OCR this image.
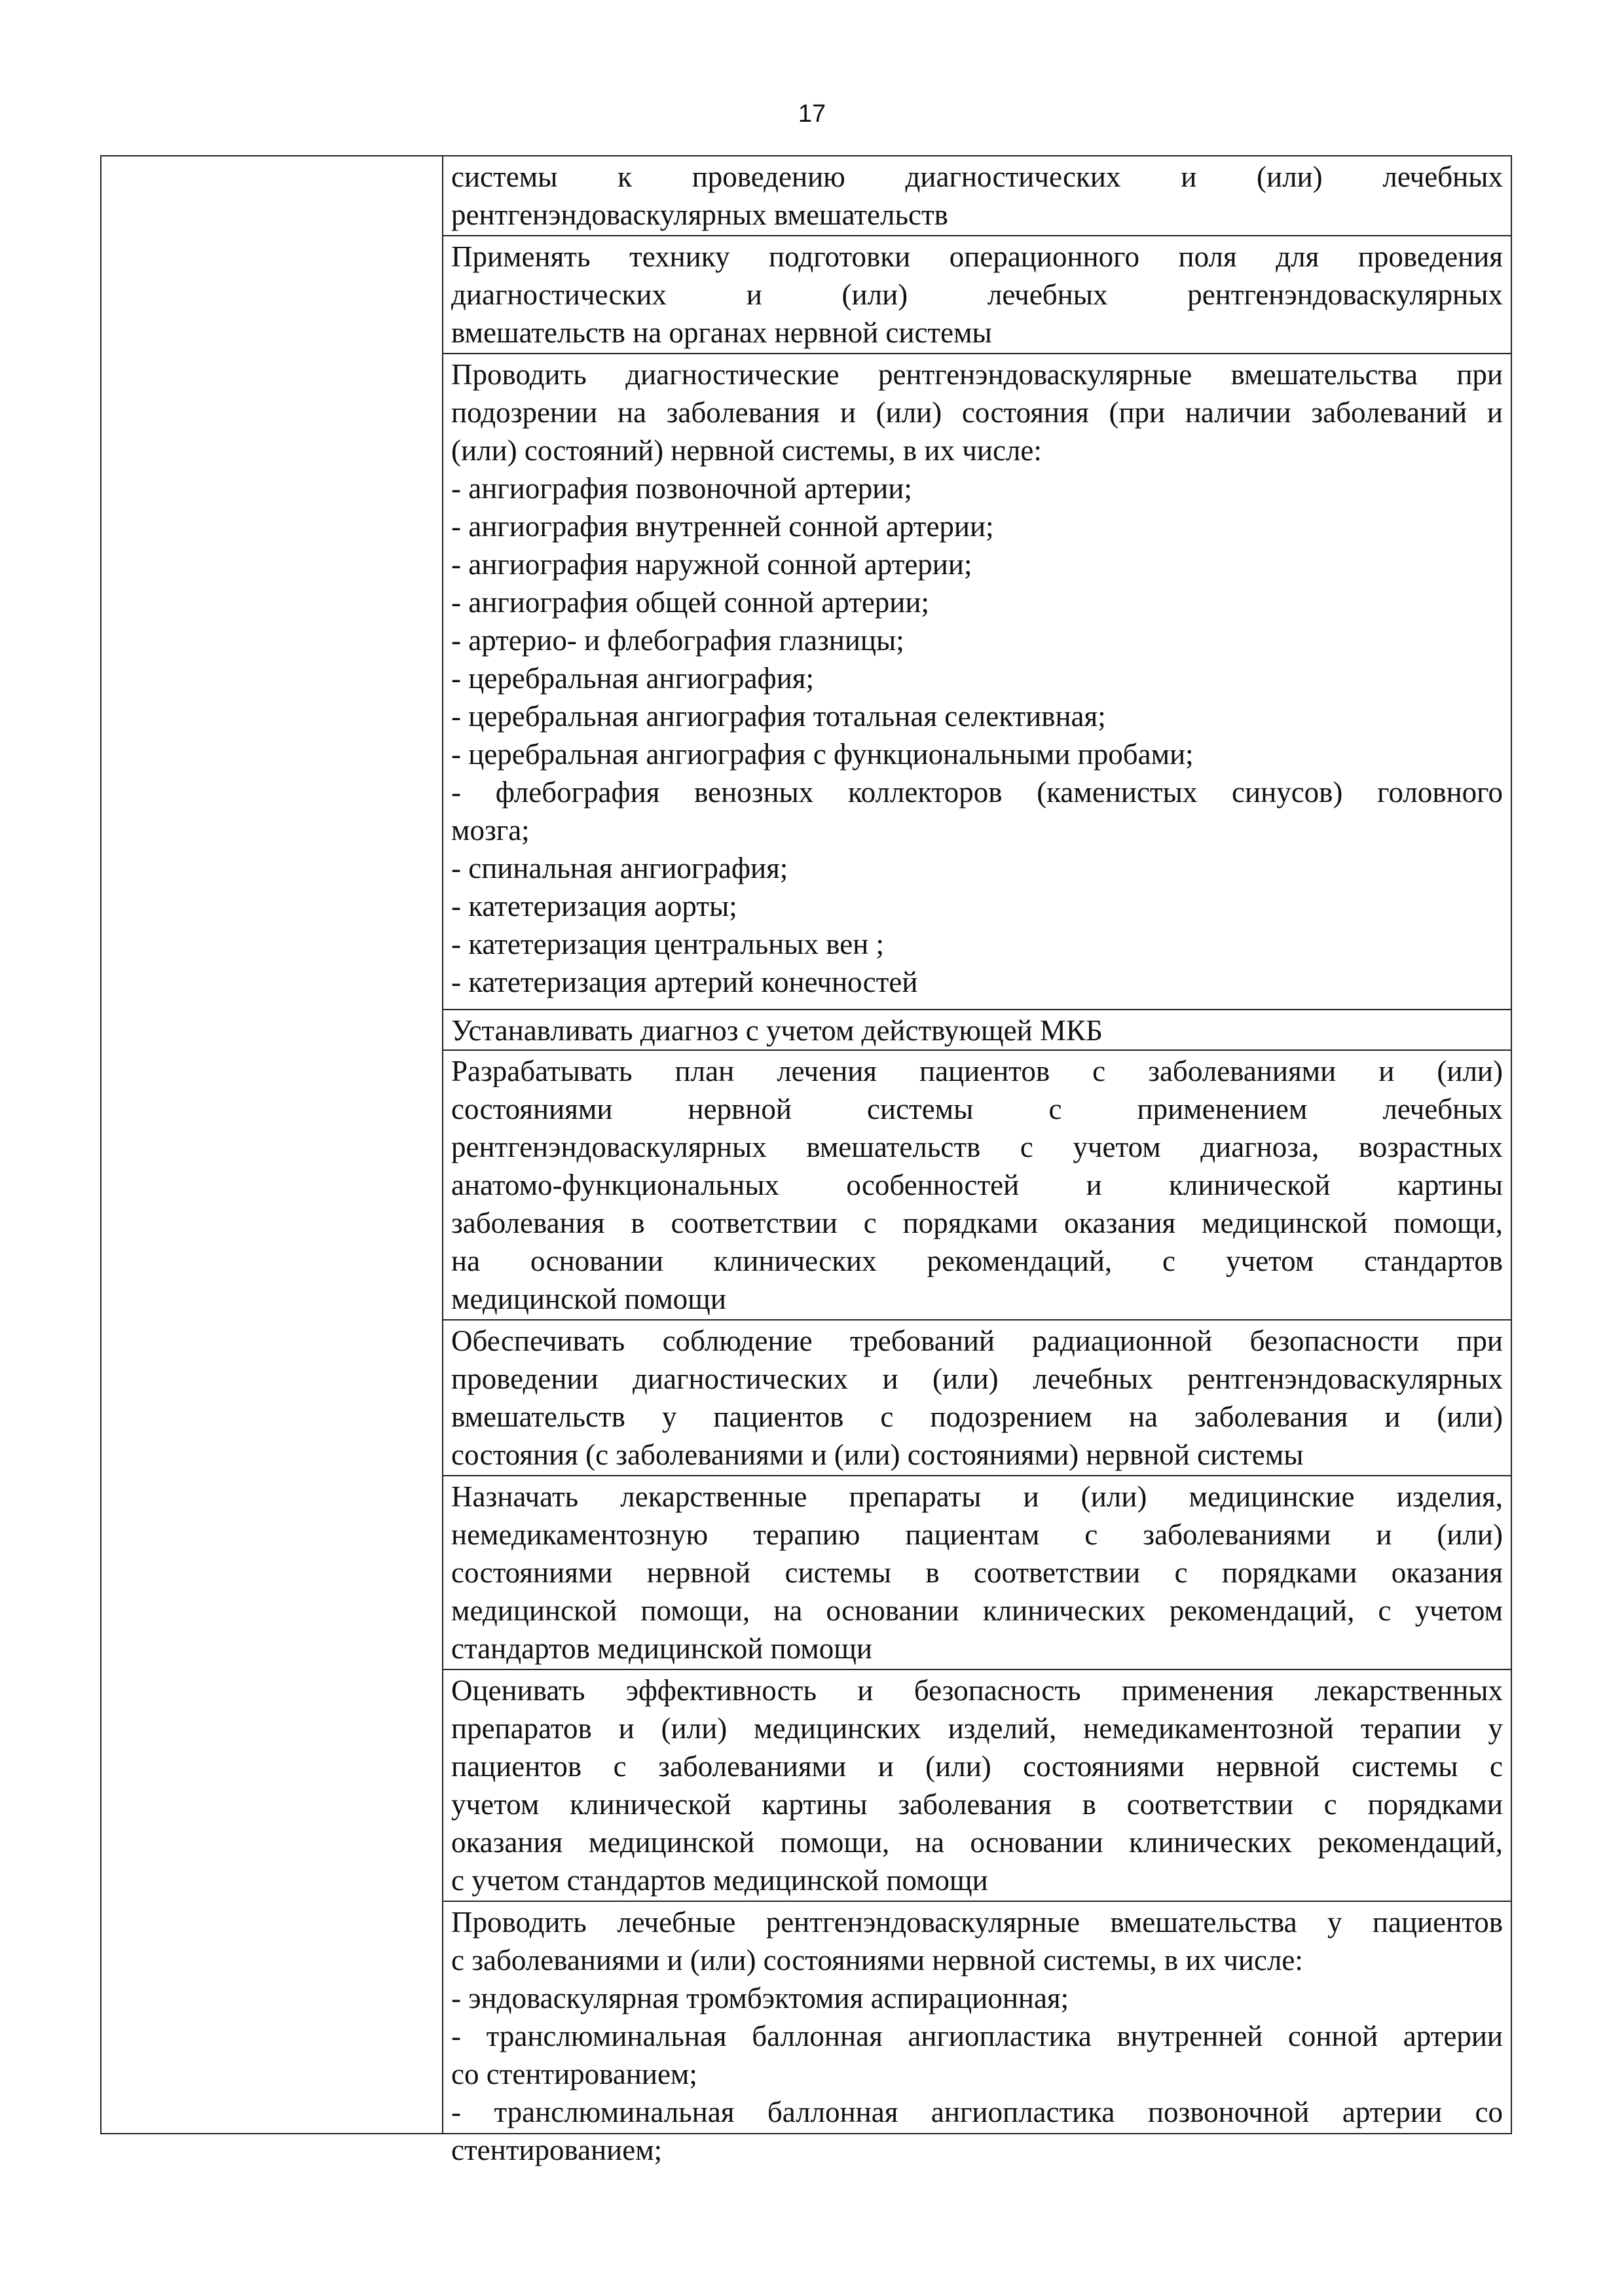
17
системы к проведению диагностических и (или) лечебных
рентгенэндоваскулярных вмешательств
Применять технику подготовки операционного поля для проведения
диагностических и (или) лечебных рентгенэндоваскулярных
вмешательств на органах нервной системы
Проводить диагностические рентгенэндоваскулярные вмешательства при
подозрении на заболевания и (или) состояния (при наличии заболеваний и
(или) состояний) нервной системы, в их числе:
- ангиография позвоночной артерии;
- ангиография внутренней сонной артерии;
- ангиография наружной сонной артерии;
- ангиография общей сонной артерии;
- артерио- и флебография глазницы;
- церебральная ангиография;
- церебральная ангиография тотальная селективная;
- церебральная ангиография с функциональными пробами;
- флебография венозных коллекторов (каменистых синусов) головного
мозга;
- спинальная ангиография;
- катетеризация аорты;
- катетеризация центральных вен ;
- катетеризация артерий конечностей
Устанавливать диагноз с учетом действующей МКБ
Разрабатывать план лечения пациентов с заболеваниями и (или)
состояниями нервной системы с применением лечебных
рентгенэндоваскулярных вмешательств с учетом диагноза, возрастных
анатомо-функциональных особенностей и клинической картины
заболевания в соответствии с порядками оказания медицинской помощи,
на основании клинических рекомендаций, с учетом стандартов
медицинской помощи
Обеспечивать соблюдение требований радиационной безопасности при
проведении диагностических и (или) лечебных рентгенэндоваскулярных
вмешательств у пациентов с подозрением на заболевания и (или)
состояния (с заболеваниями и (или) состояниями) нервной системы
Назначать лекарственные препараты и (или) медицинские изделия,
немедикаментозную терапию пациентам с заболеваниями и (или)
состояниями нервной системы в соответствии с порядками оказания
медицинской помощи, на основании клинических рекомендаций, с учетом
стандартов медицинской помощи
Оценивать эффективность и безопасность применения лекарственных
препаратов и (или) медицинских изделий, немедикаментозной терапии у
пациентов с заболеваниями и (или) состояниями нервной системы с
учетом клинической картины заболевания в соответствии с порядками
оказания медицинской помощи, на основании клинических рекомендаций,
с учетом стандартов медицинской помощи
Проводить лечебные рентгенэндоваскулярные вмешательства у пациентов
с заболеваниями и (или) состояниями нервной системы, в их числе:
- эндоваскулярная тромбэктомия аспирационная;
- транслюминальная баллонная ангиопластика внутренней сонной артерии
со стентированием;
- транслюминальная баллонная ангиопластика позвоночной артерии со
стентированием;
